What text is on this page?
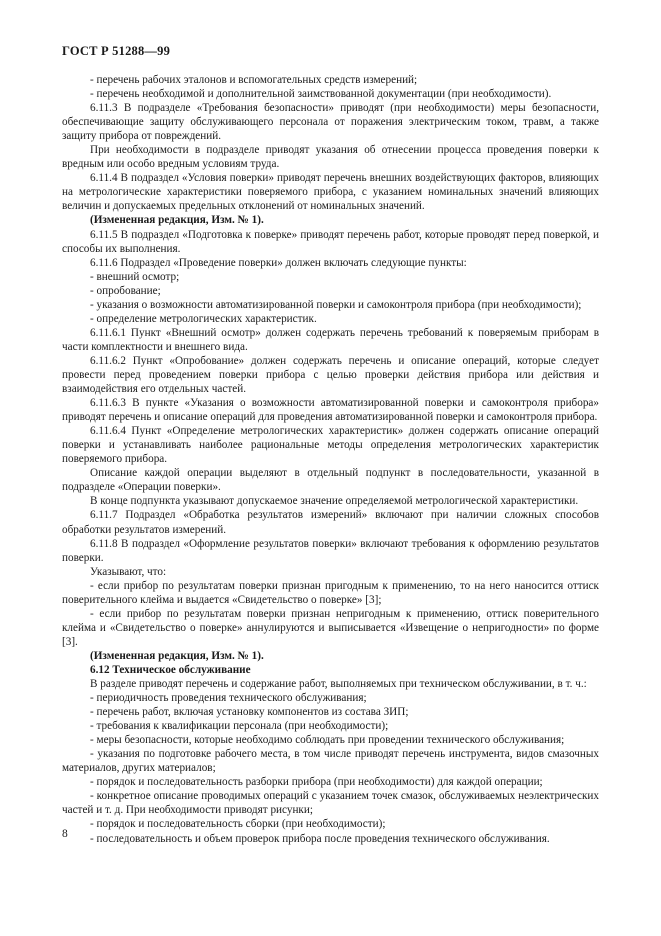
ГОСТ Р 51288—99

- перечень рабочих эталонов и вспомогательных средств измерений;

- перечень необходимой и дополнительной заимствованной документации (при необходимости).

6.11.3 В подразделе «Требования безопасности» приводят (при необходимости) меры безопасности, обеспечивающие защиту обслуживающего персонала от поражения электрическим током, травм, а также защиту прибора от повреждений.

При необходимости в подразделе приводят указания об отнесении процесса проведения поверки к вредным или особо вредным условиям труда.

6.11.4 В подраздел «Условия поверки» приводят перечень внешних воздействующих факторов, влияющих на метрологические характеристики поверяемого прибора, с указанием номинальных значений влияющих величин и допускаемых предельных отклонений от номинальных значений.

(Измененная редакция, Изм. № 1).

6.11.5 В подраздел «Подготовка к поверке» приводят перечень работ, которые проводят перед поверкой, и способы их выполнения.

6.11.6 Подраздел «Проведение поверки» должен включать следующие пункты:

- внешний осмотр;

- опробование;

- указания о возможности автоматизированной поверки и самоконтроля прибора (при необходимости);

- определение метрологических характеристик.

6.11.6.1 Пункт «Внешний осмотр» должен содержать перечень требований к поверяемым приборам в части комплектности и внешнего вида.

6.11.6.2 Пункт «Опробование» должен содержать перечень и описание операций, которые следует провести перед проведением поверки прибора с целью проверки действия прибора или действия и взаимодействия его отдельных частей.

6.11.6.3 В пункте «Указания о возможности автоматизированной поверки и самоконтроля прибора» приводят перечень и описание операций для проведения автоматизированной поверки и самоконтроля прибора.

6.11.6.4 Пункт «Определение метрологических характеристик» должен содержать описание операций поверки и устанавливать наиболее рациональные методы определения метрологических характеристик поверяемого прибора.

Описание каждой операции выделяют в отдельный подпункт в последовательности, указанной в подразделе «Операции поверки».

В конце подпункта указывают допускаемое значение определяемой метрологической характеристики.

6.11.7 Подраздел «Обработка результатов измерений» включают при наличии сложных способов обработки результатов измерений.

6.11.8 В подраздел «Оформление результатов поверки» включают требования к оформлению результатов поверки.

Указывают, что:

- если прибор по результатам поверки признан пригодным к применению, то на него наносится оттиск поверительного клейма и выдается «Свидетельство о поверке» [3];

- если прибор по результатам поверки признан непригодным к применению, оттиск поверительного клейма и «Свидетельство о поверке» аннулируются и выписывается «Извещение о непригодности» по форме [3].

(Измененная редакция, Изм. № 1).

6.12 Техническое обслуживание

В разделе приводят перечень и содержание работ, выполняемых при техническом обслуживании, в т. ч.:

- периодичность проведения технического обслуживания;

- перечень работ, включая установку компонентов из состава ЗИП;

- требования к квалификации персонала (при необходимости);

- меры безопасности, которые необходимо соблюдать при проведении технического обслуживания;

- указания по подготовке рабочего места, в том числе приводят перечень инструмента, видов смазочных материалов, других материалов;

- порядок и последовательность разборки прибора (при необходимости) для каждой операции;

- конкретное описание проводимых операций с указанием точек смазок, обслуживаемых неэлектрических частей и т. д. При необходимости приводят рисунки;

- порядок и последовательность сборки (при необходимости);

- последовательность и объем проверок прибора после проведения технического обслуживания.

8
